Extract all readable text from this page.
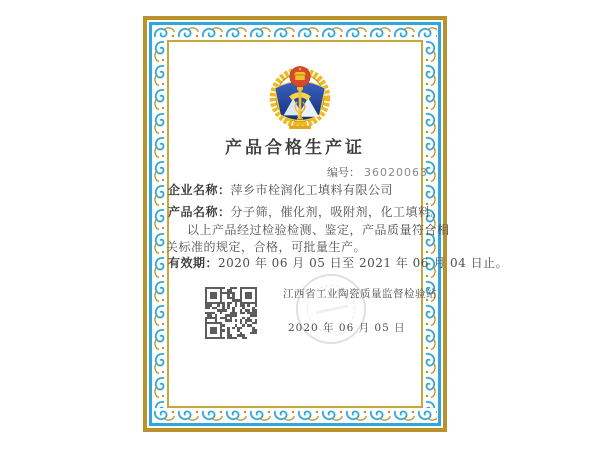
产品合格生产证
编号： 36020063
企业名称：萍乡市栓润化工填料有限公司
产品名称：分子筛，催化剂，吸附剂，化工填料。
以上产品经过检验检测、鉴定，产品质量符合相
关标准的规定，合格，可批量生产。
有效期：2020 年 06 月 05 日至 2021 年 06 月 04 日止。
江西省工业陶瓷质量监督检验站
2020 年 06 月 05 日
